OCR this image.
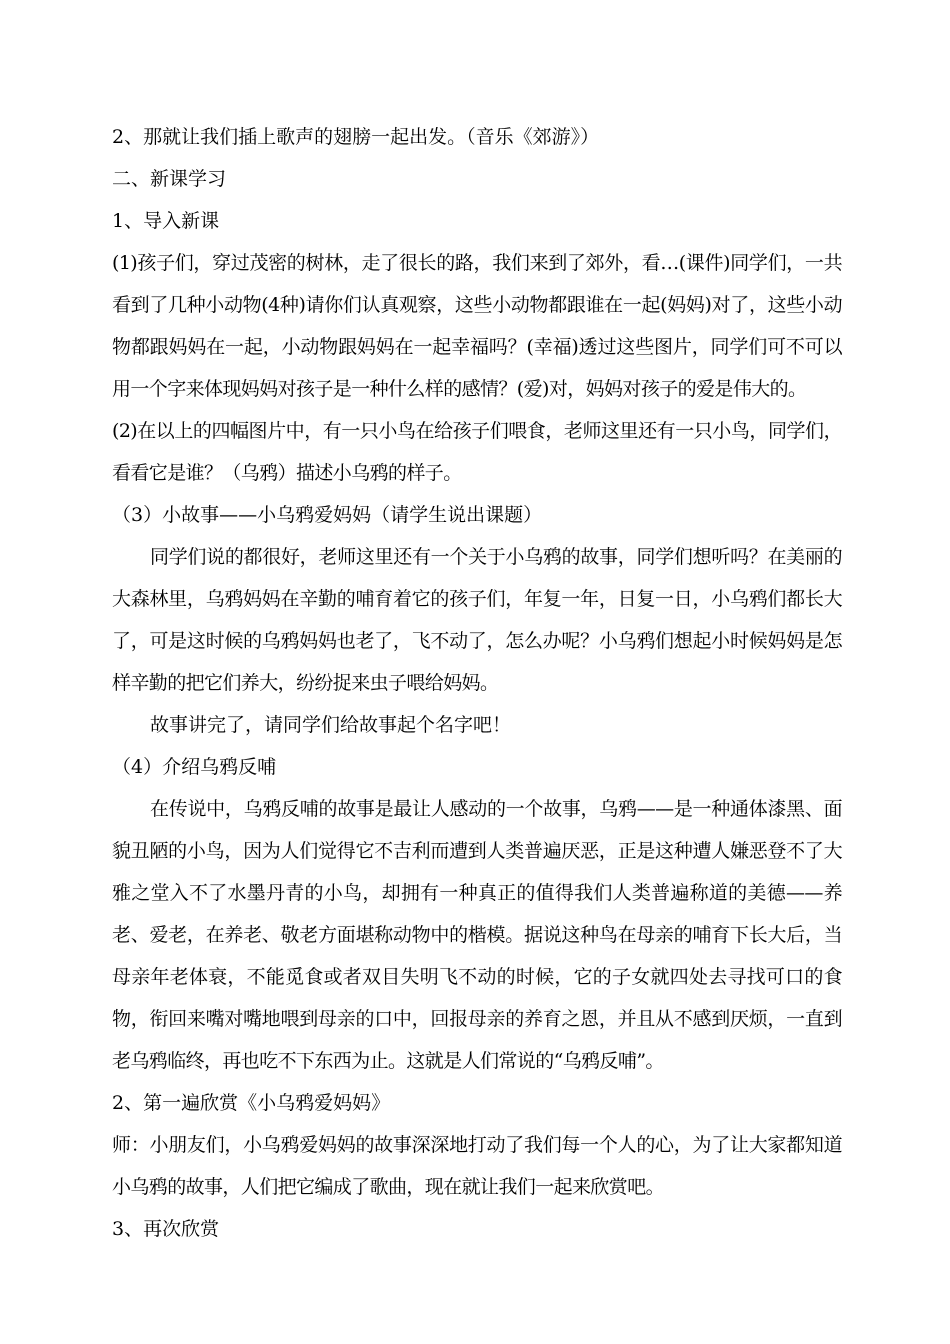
2、那就让我们插上歌声的翅膀一起出发。（音乐《郊游》）

二、新课学习

1、导入新课

(1)孩子们，穿过茂密的树林，走了很长的路，我们来到了郊外，看…(课件)同学们，一共看到了几种小动物(4种)请你们认真观察，这些小动物都跟谁在一起(妈妈)对了，这些小动物都跟妈妈在一起，小动物跟妈妈在一起幸福吗？(幸福)透过这些图片，同学们可不可以用一个字来体现妈妈对孩子是一种什么样的感情？(爱)对，妈妈对孩子的爱是伟大的。

(2)在以上的四幅图片中，有一只小鸟在给孩子们喂食，老师这里还有一只小鸟，同学们，看看它是谁？（乌鸦）描述小乌鸦的样子。

（3）小故事——小乌鸦爱妈妈（请学生说出课题）

同学们说的都很好，老师这里还有一个关于小乌鸦的故事，同学们想听吗？在美丽的大森林里，乌鸦妈妈在辛勤的哺育着它的孩子们，年复一年，日复一日，小乌鸦们都长大了，可是这时候的乌鸦妈妈也老了，飞不动了，怎么办呢？小乌鸦们想起小时候妈妈是怎样辛勤的把它们养大，纷纷捉来虫子喂给妈妈。

故事讲完了，请同学们给故事起个名字吧！

（4）介绍乌鸦反哺

在传说中，乌鸦反哺的故事是最让人感动的一个故事，乌鸦——是一种通体漆黑、面貌丑陋的小鸟，因为人们觉得它不吉利而遭到人类普遍厌恶，正是这种遭人嫌恶登不了大雅之堂入不了水墨丹青的小鸟，却拥有一种真正的值得我们人类普遍称道的美德——养老、爱老，在养老、敬老方面堪称动物中的楷模。据说这种鸟在母亲的哺育下长大后，当母亲年老体衰，不能觅食或者双目失明飞不动的时候，它的子女就四处去寻找可口的食物，衔回来嘴对嘴地喂到母亲的口中，回报母亲的养育之恩，并且从不感到厌烦，一直到老乌鸦临终，再也吃不下东西为止。这就是人们常说的“乌鸦反哺”。

2、第一遍欣赏《小乌鸦爱妈妈》

师：小朋友们，小乌鸦爱妈妈的故事深深地打动了我们每一个人的心，为了让大家都知道小乌鸦的故事，人们把它编成了歌曲，现在就让我们一起来欣赏吧。

3、再次欣赏
